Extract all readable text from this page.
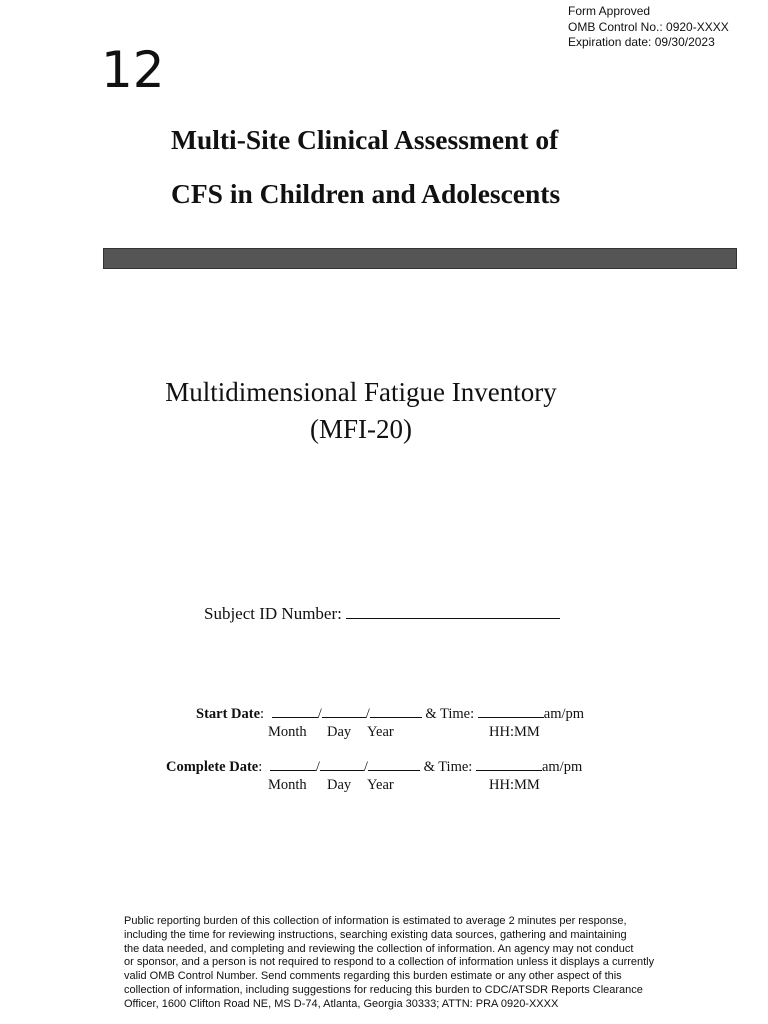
Form Approved
OMB Control No.: 0920-XXXX
Expiration date: 09/30/2023
12
Multi-Site Clinical Assessment of
CFS in Children and Adolescents
Multidimensional Fatigue Inventory
(MFI-20)
Subject ID Number:
Start Date:	/	/	& Time:	am/pm
Month Day Year	HH:MM
Complete Date:	/	/	& Time:	am/pm
Month Day Year	HH:MM
Public reporting burden of this collection of information is estimated to average 2 minutes per response,
including the time for reviewing instructions, searching existing data sources, gathering and maintaining
the data needed, and completing and reviewing the collection of information. An agency may not conduct
or sponsor, and a person is not required to respond to a collection of information unless it displays a currently
valid OMB Control Number. Send comments regarding this burden estimate or any other aspect of this
collection of information, including suggestions for reducing this burden to CDC/ATSDR Reports Clearance
Officer, 1600 Clifton Road NE, MS D-74, Atlanta, Georgia 30333; ATTN: PRA 0920-XXXX
